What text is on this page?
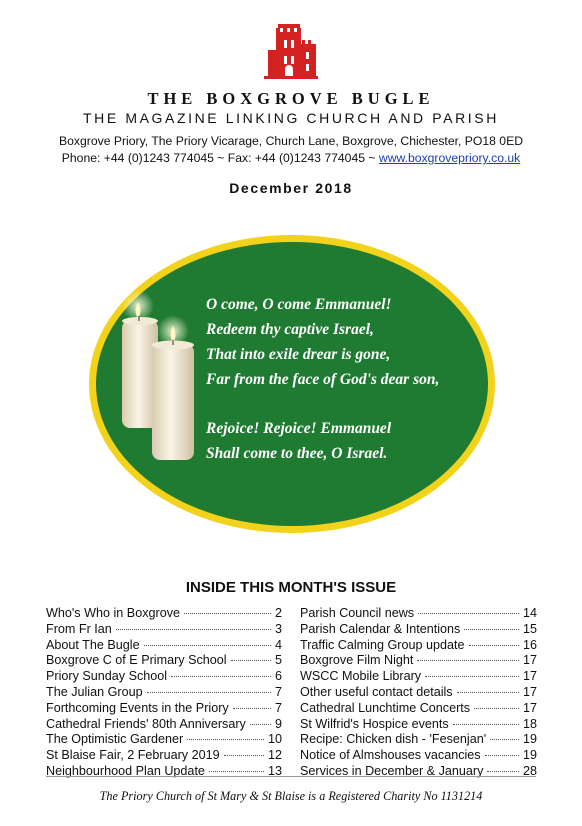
THE BOXGROVE BUGLE
THE MAGAZINE LINKING CHURCH AND PARISH
Boxgrove Priory, The Priory Vicarage, Church Lane, Boxgrove, Chichester, PO18 0ED
Phone: +44 (0)1243 774045 ~ Fax: +44 (0)1243 774045 ~ www.boxgrovepriory.co.uk
December 2018
O come, O come Emmanuel!
Redeem thy captive Israel,
That into exile drear is gone,
Far from the face of God's dear son,
Rejoice! Rejoice! Emmanuel
Shall come to thee, O Israel.
INSIDE THIS MONTH'S ISSUE
Who's Who in Boxgrove	2
From Fr Ian	3
About The Bugle	4
Boxgrove C of E Primary School	5
Priory Sunday School	6
The Julian Group	7
Forthcoming Events in the Priory	7
Cathedral Friends' 80th Anniversary 9
The Optimistic Gardener	10
St Blaise Fair, 2 February 2019	12
Neighbourhood Plan Update	13
Parish Council news	14
Parish Calendar & Intentions	15
Traffic Calming Group update	16
Boxgrove Film Night	17
WSCC Mobile Library	17
Other useful contact details	17
Cathedral Lunchtime Concerts	17
St Wilfrid's Hospice events	18
Recipe: Chicken dish - 'Fesenjan'	19
Notice of Almshouses vacancies	19
Services in December & January	28
The Priory Church of St Mary & St Blaise is a Registered Charity No 1131214
